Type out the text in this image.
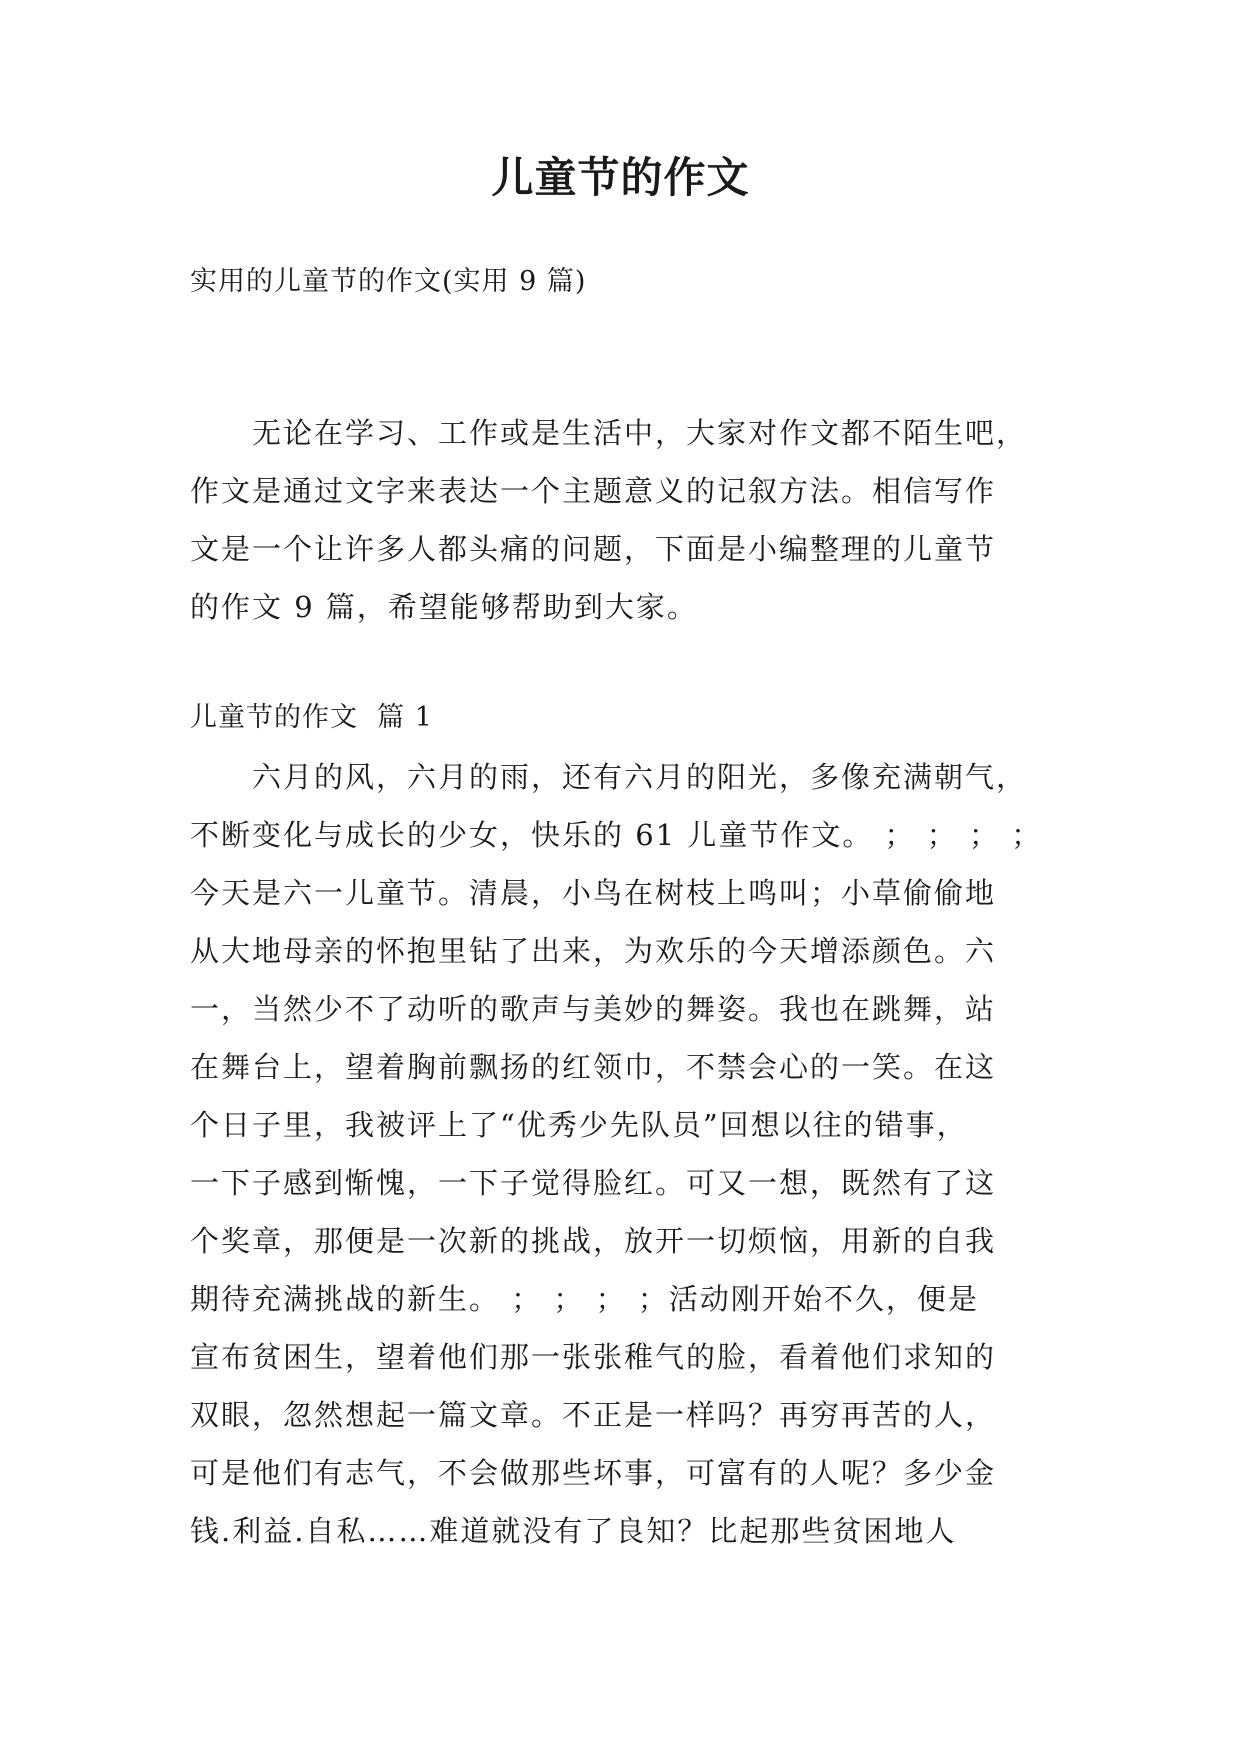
儿童节的作文
实用的儿童节的作文(实用 9 篇)
无论在学习、工作或是生活中，大家对作文都不陌生吧，
作文是通过文字来表达一个主题意义的记叙方法。相信写作
文是一个让许多人都头痛的问题，下面是小编整理的儿童节
的作文 9 篇，希望能够帮助到大家。
儿童节的作文  篇 1
六月的风，六月的雨，还有六月的阳光，多像充满朝气，
不断变化与成长的少女，快乐的 61 儿童节作文。 ； ； ； ；
今天是六一儿童节。清晨，小鸟在树枝上鸣叫；小草偷偷地
从大地母亲的怀抱里钻了出来，为欢乐的今天增添颜色。六
一，当然少不了动听的歌声与美妙的舞姿。我也在跳舞，站
在舞台上，望着胸前飘扬的红领巾，不禁会心的一笑。在这
个日子里，我被评上了“优秀少先队员”回想以往的错事，
一下子感到惭愧，一下子觉得脸红。可又一想，既然有了这
个奖章，那便是一次新的挑战，放开一切烦恼，用新的自我
期待充满挑战的新生。 ； ； ； ；活动刚开始不久，便是
宣布贫困生，望着他们那一张张稚气的脸，看着他们求知的
双眼，忽然想起一篇文章。不正是一样吗？再穷再苦的人，
可是他们有志气，不会做那些坏事，可富有的人呢？多少金
钱.利益.自私……难道就没有了良知？比起那些贫困地人
